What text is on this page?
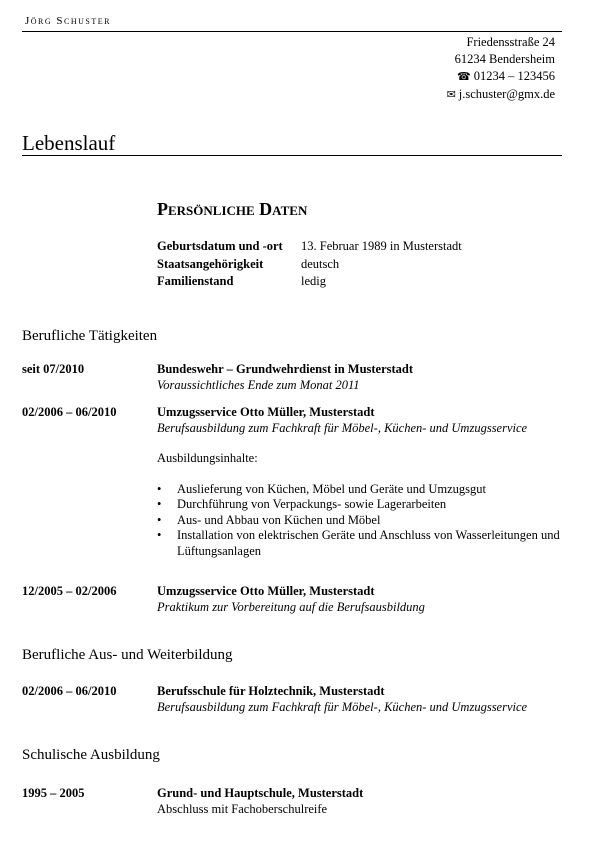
Jörg Schuster
Friedensstraße 24
61234 Bendersheim
☎ 01234 – 123456
✉ j.schuster@gmx.de
Lebenslauf
Persönliche Daten
Geburtsdatum und -ort	13. Februar 1989 in Musterstadt
Staatsangehörigkeit	deutsch
Familienstand	ledig
Berufliche Tätigkeiten
seit 07/2010	Bundeswehr – Grundwehrdienst in Musterstadt
Voraussichtliches Ende zum Monat 2011
02/2006 – 06/2010	Umzugsservice Otto Müller, Musterstadt
Berufsausbildung zum Fachkraft für Möbel-, Küchen- und Umzugsservice
Ausbildungsinhalte:
• Auslieferung von Küchen, Möbel und Geräte und Umzugsgut
• Durchführung von Verpackungs- sowie Lagerarbeiten
• Aus- und Abbau von Küchen und Möbel
• Installation von elektrischen Geräte und Anschluss von Wasserleitungen und Lüftungsanlagen
12/2005 – 02/2006	Umzugsservice Otto Müller, Musterstadt
Praktikum zur Vorbereitung auf die Berufsausbildung
Berufliche Aus- und Weiterbildung
02/2006 – 06/2010	Berufsschule für Holztechnik, Musterstadt
Berufsausbildung zum Fachkraft für Möbel-, Küchen- und Umzugsservice
Schulische Ausbildung
1995 – 2005	Grund- und Hauptschule, Musterstadt
Abschluss mit Fachoberschulreife
